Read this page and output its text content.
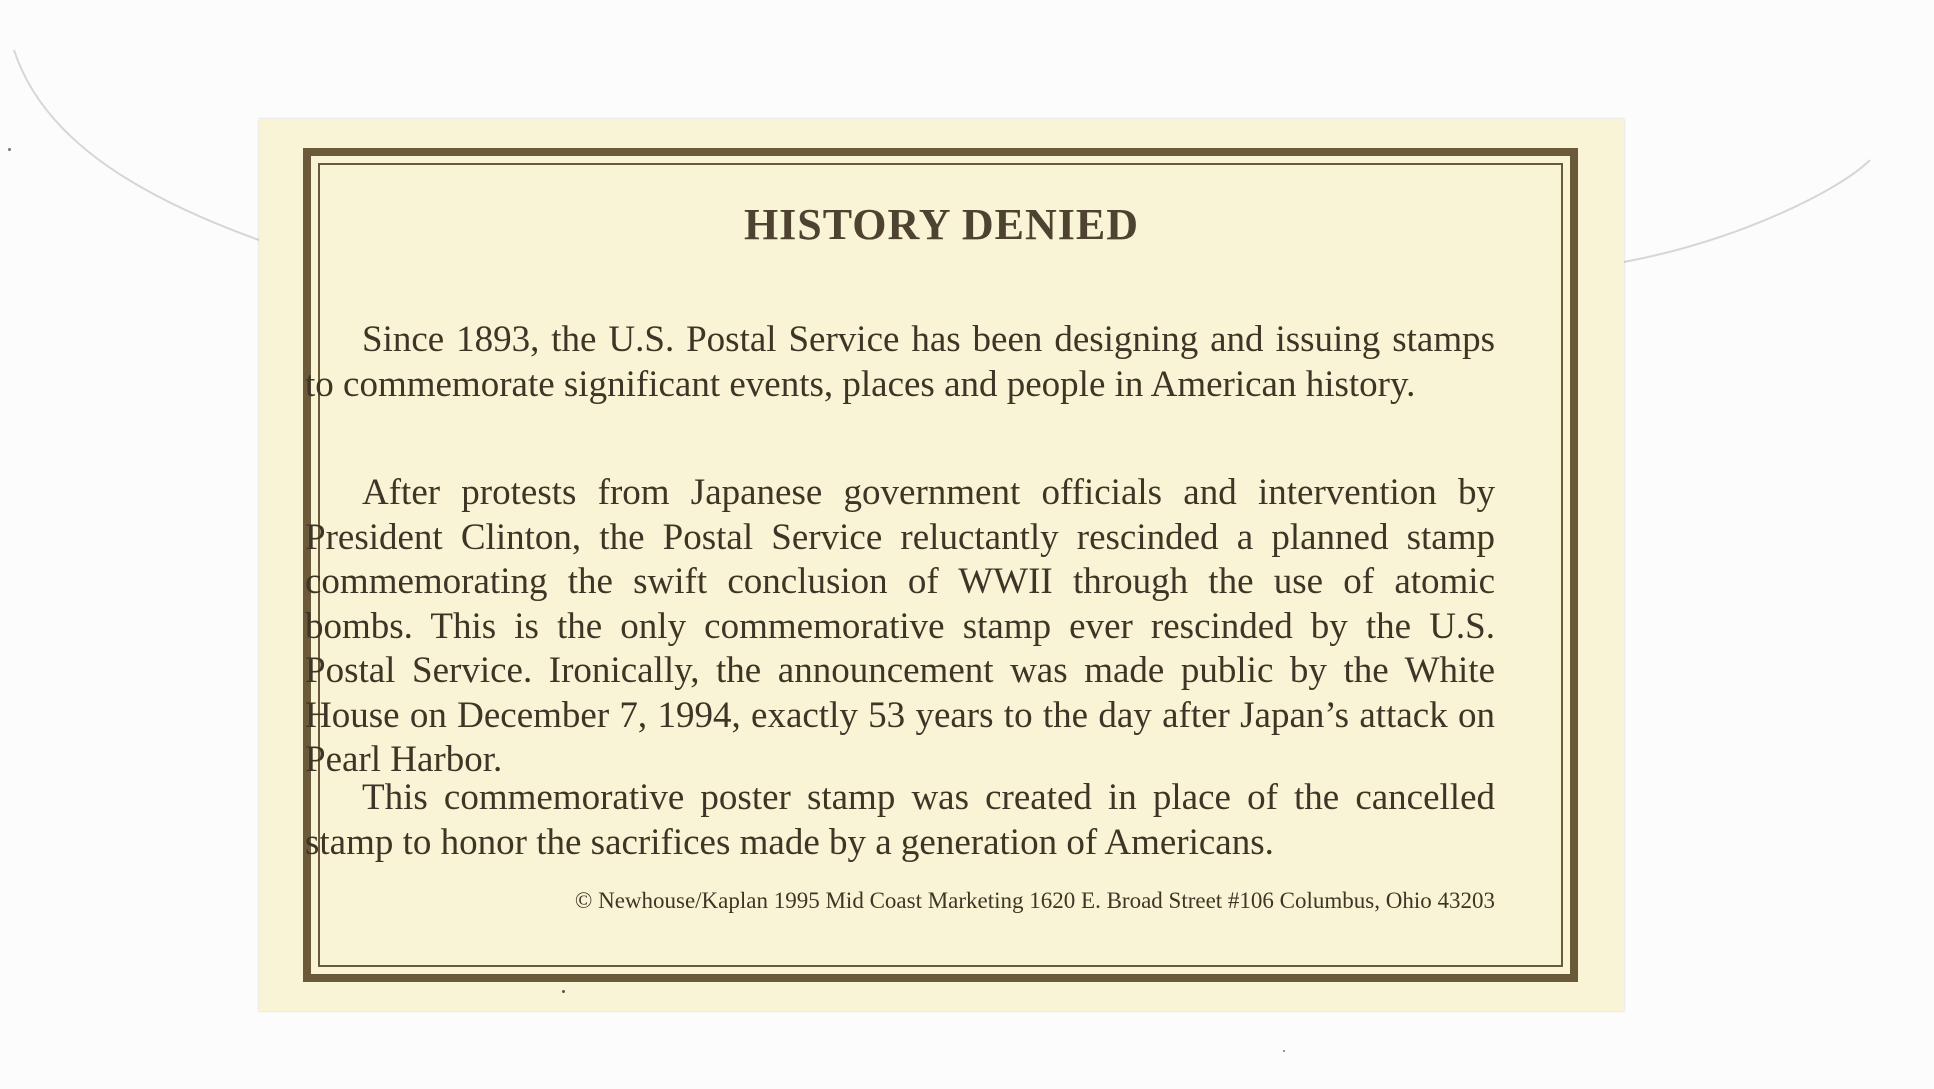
HISTORY DENIED

Since 1893, the U.S. Postal Service has been designing and issuing stamps to commemorate significant events, places and people in American history.

After protests from Japanese government officials and intervention by President Clinton, the Postal Service reluctantly rescinded a planned stamp commemorating the swift conclusion of WWII through the use of atomic bombs. This is the only commemorative stamp ever rescinded by the U.S. Postal Service. Ironically, the announcement was made public by the White House on December 7, 1994, exactly 53 years to the day after Japan’s attack on Pearl Harbor.

This commemorative poster stamp was created in place of the cancelled stamp to honor the sacrifices made by a generation of Americans.

© Newhouse/Kaplan 1995 Mid Coast Marketing 1620 E. Broad Street #106 Columbus, Ohio 43203
